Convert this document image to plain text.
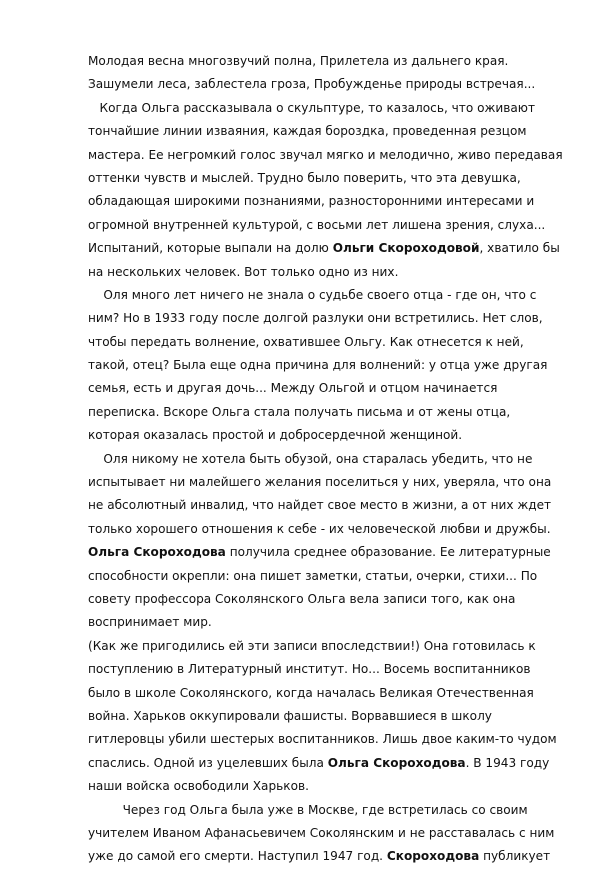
Молодая весна многозвучий полна, Прилетела из дальнего края.
Зашумели леса, заблестела гроза, Пробужденье природы встречая...
Когда Ольга рассказывала о скульптуре, то казалось, что оживают
тончайшие линии изваяния, каждая бороздка, проведенная резцом
мастера. Ее негромкий голос звучал мягко и мелодично, живо передавая
оттенки чувств и мыслей. Трудно было поверить, что эта девушка,
обладающая широкими познаниями, разносторонними интересами и
огромной внутренней культурой, с восьми лет лишена зрения, слуха...
Испытаний, которые выпали на долю Ольги Скороходовой, хватило бы
на нескольких человек. Вот только одно из них.
Оля много лет ничего не знала о судьбе своего отца - где он, что с
ним? Но в 1933 году после долгой разлуки они встретились. Нет слов,
чтобы передать волнение, охватившее Ольгу. Как отнесется к ней,
такой, отец? Была еще одна причина для волнений: у отца уже другая
семья, есть и другая дочь... Между Ольгой и отцом начинается
переписка. Вскоре Ольга стала получать письма и от жены отца,
которая оказалась простой и добросердечной женщиной.
Оля никому не хотела быть обузой, она старалась убедить, что не
испытывает ни малейшего желания поселиться у них, уверяла, что она
не абсолютный инвалид, что найдет свое место в жизни, а от них ждет
только хорошего отношения к себе - их человеческой любви и дружбы.
Ольга Скороходова получила среднее образование. Ее литературные
способности окрепли: она пишет заметки, статьи, очерки, стихи... По
совету профессора Соколянского Ольга вела записи того, как она
воспринимает мир.
(Как же пригодились ей эти записи впоследствии!) Она готовилась к
поступлению в Литературный институт. Но... Восемь воспитанников
было в школе Соколянского, когда началась Великая Отечественная
война. Харьков оккупировали фашисты. Ворвавшиеся в школу
гитлеровцы убили шестерых воспитанников. Лишь двое каким-то чудом
спаслись. Одной из уцелевших была Ольга Скороходова. В 1943 году
наши войска освободили Харьков.
Через год Ольга была уже в Москве, где встретилась со своим
учителем Иваном Афанасьевичем Соколянским и не расставалась с ним
уже до самой его смерти. Наступил 1947 год. Скороходова публикует
